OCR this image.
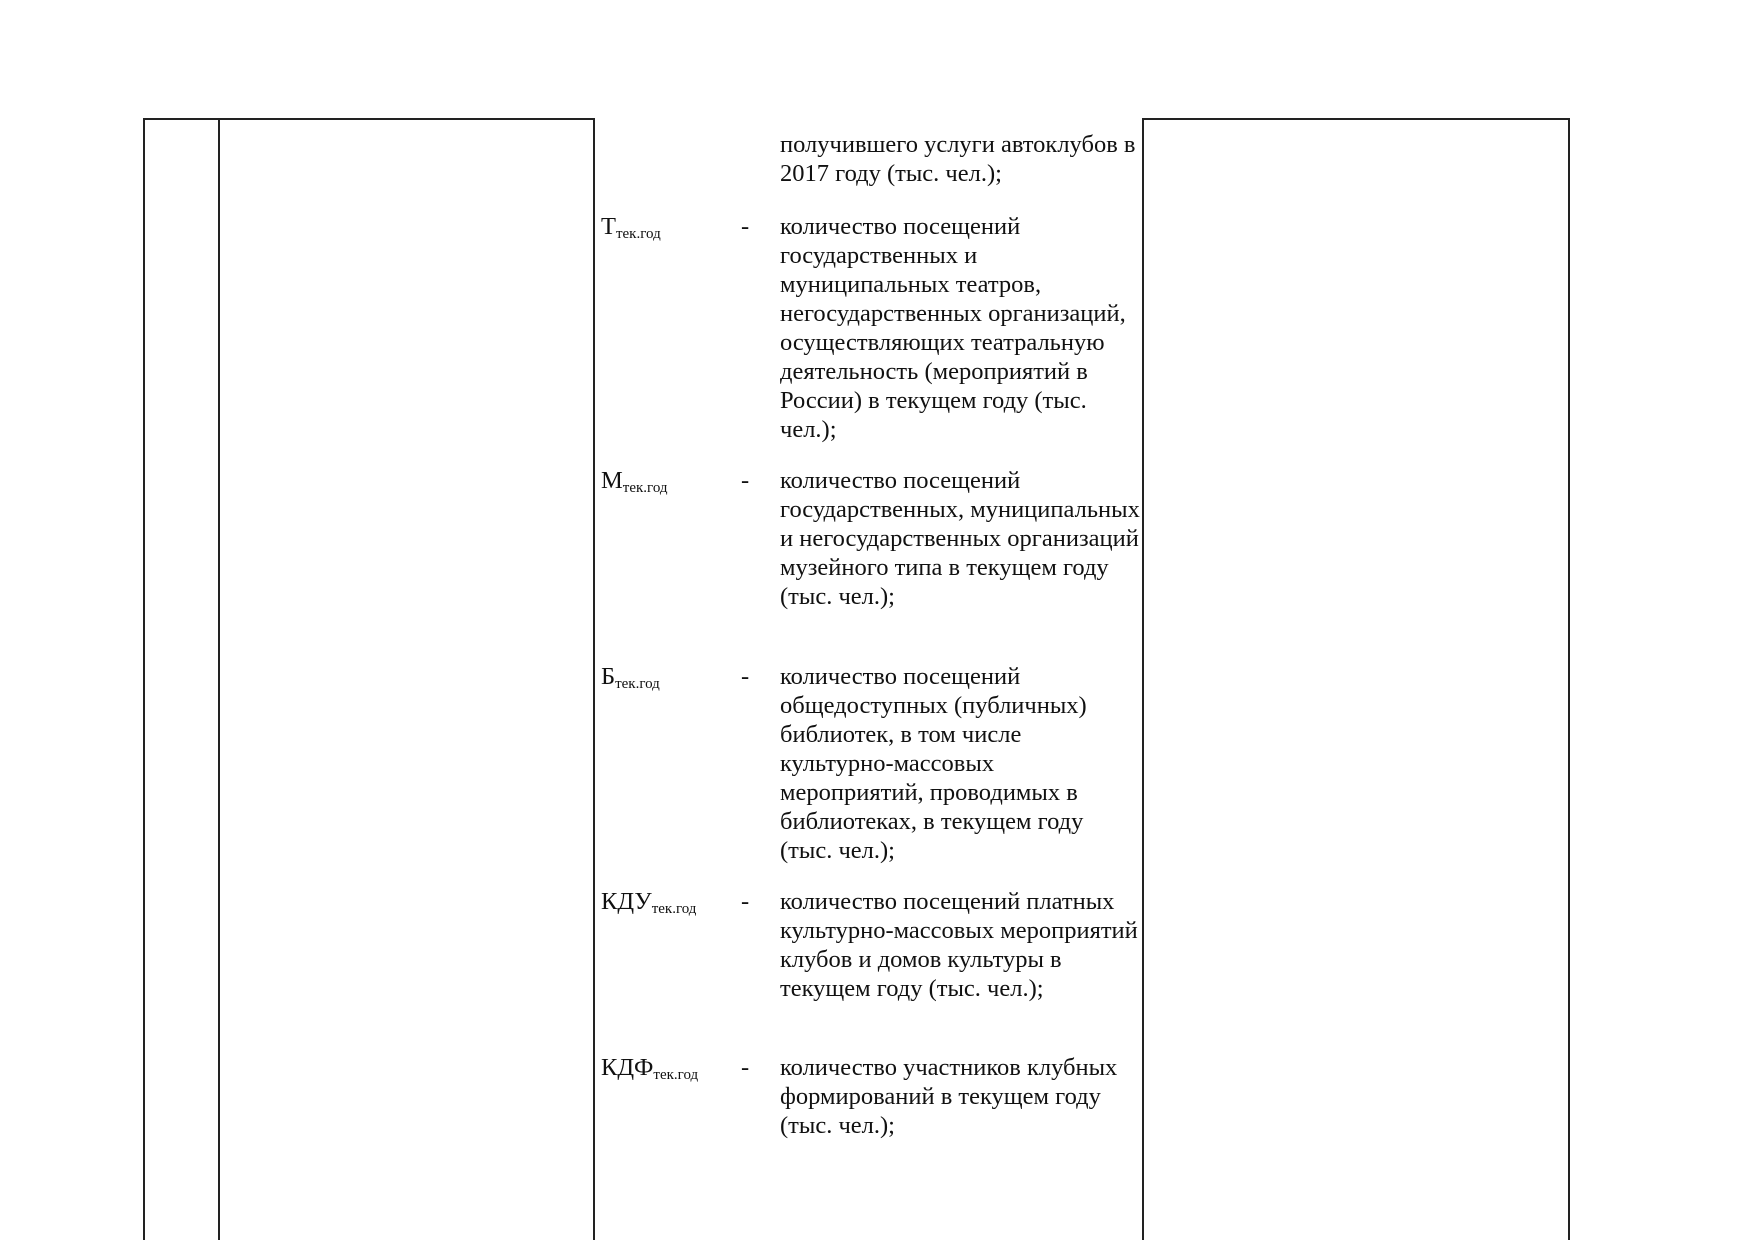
получившего услуги автоклубов в 2017 году (тыс. чел.);
$Т_{тек.год}$	- количество посещений государственных и муниципальных театров, негосударственных организаций, осуществляющих театральную деятельность (мероприятий в России) в текущем году (тыс. чел.);
$М_{тек.год}$	- количество посещений государственных, муниципальных и негосударственных организаций музейного типа в текущем году (тыс. чел.);
$Б_{тек.год}$	- количество посещений общедоступных (публичных) библиотек, в том числе культурно-массовых мероприятий, проводимых в библиотеках, в текущем году (тыс. чел.);
$КДУ_{тек.год}$ - количество посещений платных культурно-массовых мероприятий клубов и домов культуры в текущем году (тыс. чел.);
$КДФ_{тек.год}$ - количество участников клубных формирований в текущем году (тыс. чел.);
